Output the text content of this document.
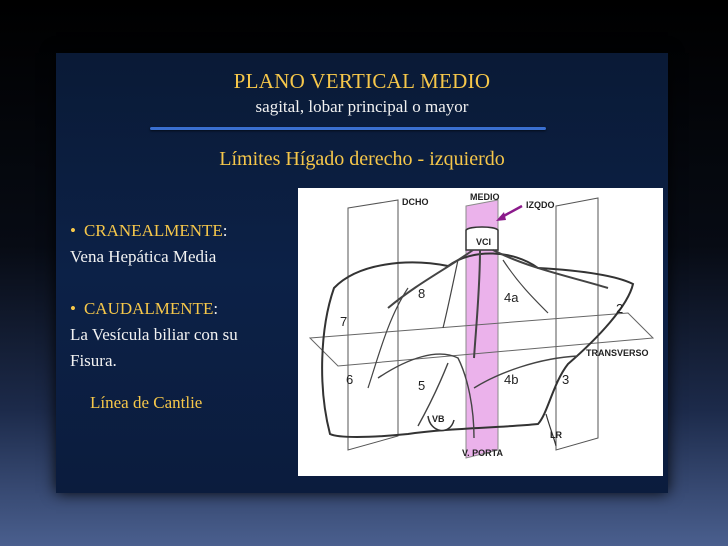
PLANO VERTICAL MEDIO
sagital, lobar principal o mayor
Límites Hígado derecho - izquierdo
• CRANEALMENTE:
Vena Hepática Media
• CAUDALMENTE:
La Vesícula biliar con su
Fisura.
Línea de Cantlie
DCHO	MEDIO
IZQDO
VCI
TRANSVERSO
VB
V. PORTA
LR
2
3
4a
4b
5
6
7
8
